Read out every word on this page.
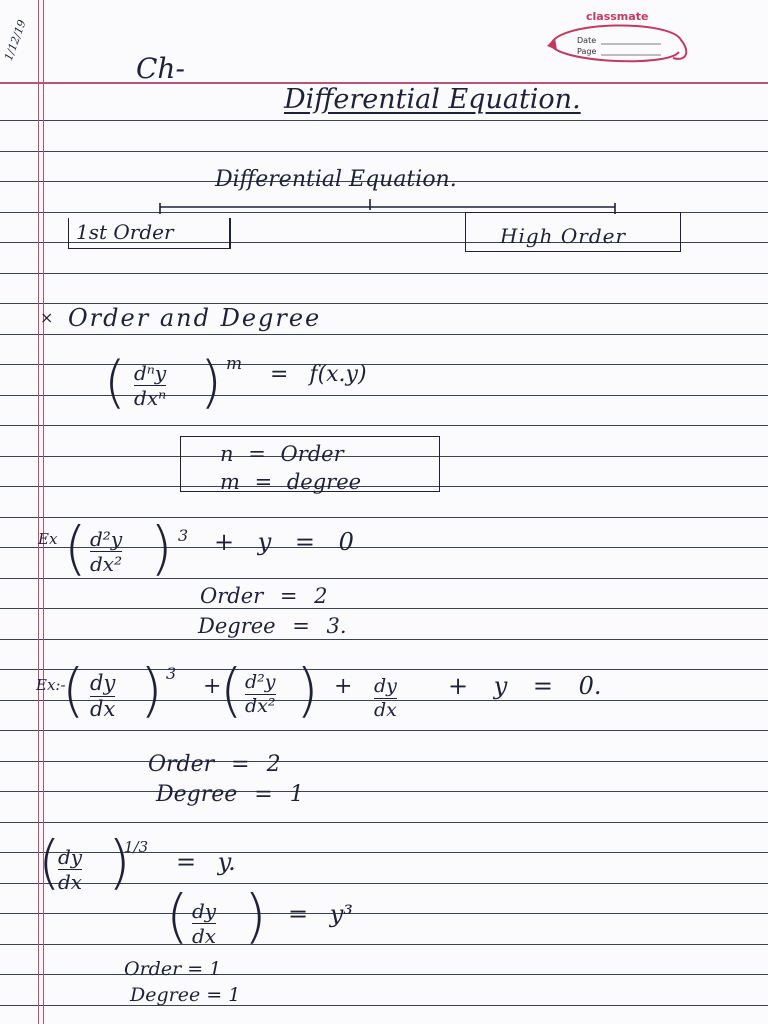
1/12/19
classmate
Date
Page
Ch-
Differential Equation.
Differential Equation.
1st Order	High Order
× Order and Degree
( dⁿy
dxⁿ ) m = f(x.y)
n = Order
m = degree
Ex ( d²y
dx² ) 3 + y = 0
Order = 2
Degree = 3.
Ex:-
( dy
dx ) 3
+
( d²y
dx² ) + dy
dx
+ y = 0.
Order = 2
Degree = 1
(
dy
dx )
1/3
= y.
( dy
dx ) = y³
Order = 1
Degree = 1
